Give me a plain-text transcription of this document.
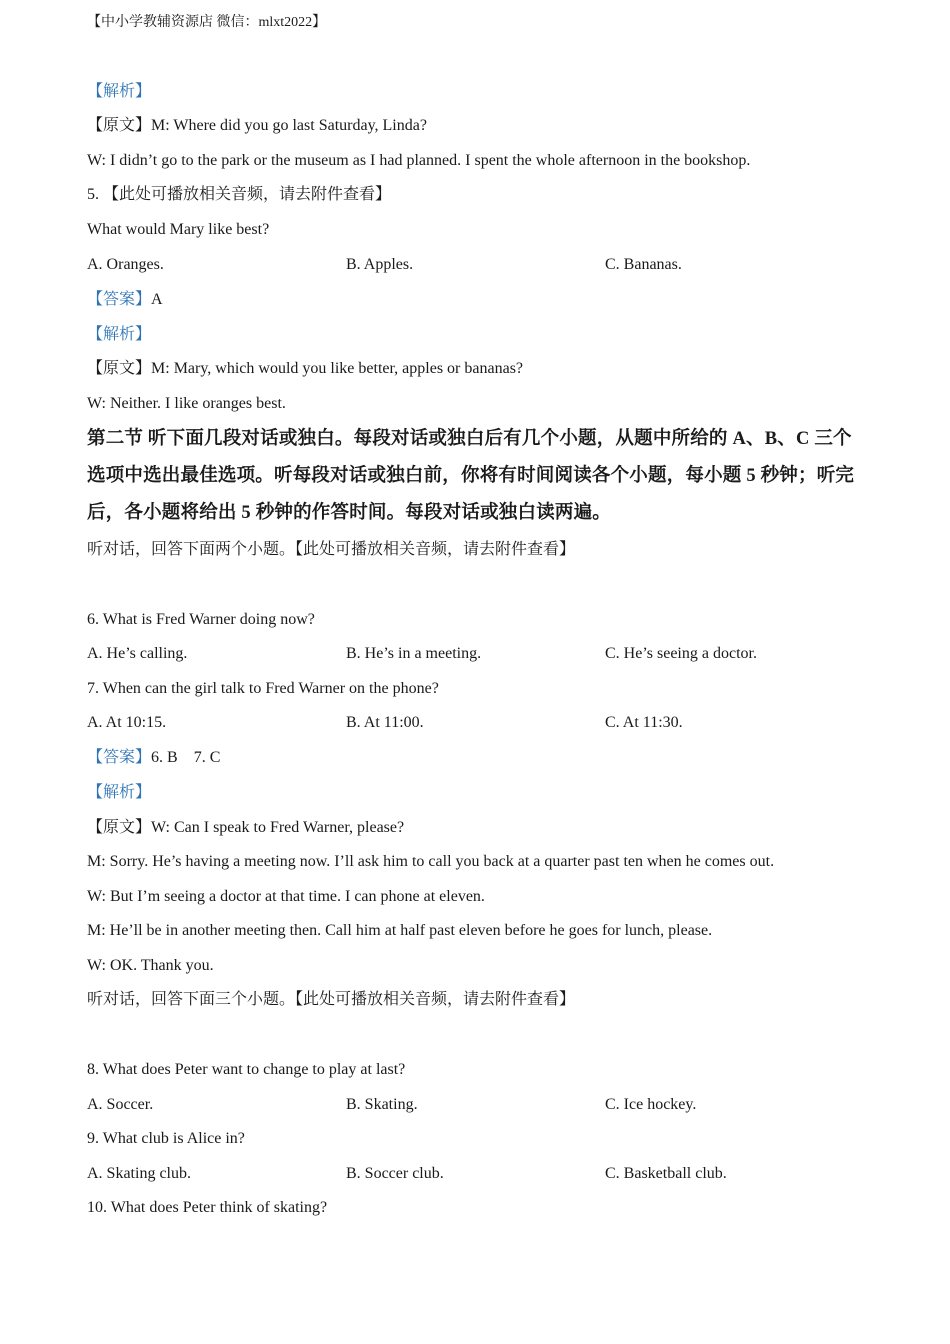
【中小学教辅资源店 微信：mlxt2022】
【解析】
【原文】M: Where did you go last Saturday, Linda?
W: I didn’t go to the park or the museum as I had planned. I spent the whole afternoon in the bookshop.
5. 【此处可播放相关音频，请去附件查看】
What would Mary like best?
A. Oranges.	B. Apples.	C. Bananas.
【答案】A
【解析】
【原文】M: Mary, which would you like better, apples or bananas?
W: Neither. I like oranges best.
第二节 听下面几段对话或独白。每段对话或独白后有几个小题，从题中所给的 A、B、C 三个选项中选出最佳选项。听每段对话或独白前，你将有时间阅读各个小题，每小题 5 秒钟；听完后，各小题将给出 5 秒钟的作答时间。每段对话或独白读两遍。
听对话，回答下面两个小题。【此处可播放相关音频，请去附件查看】
6. What is Fred Warner doing now?
A. He’s calling.	B. He’s in a meeting.	C. He’s seeing a doctor.
7. When can the girl talk to Fred Warner on the phone?
A. At 10:15.	B. At 11:00.	C. At 11:30.
【答案】6. B 7. C
【解析】
【原文】W: Can I speak to Fred Warner, please?
M: Sorry. He’s having a meeting now. I’ll ask him to call you back at a quarter past ten when he comes out.
W: But I’m seeing a doctor at that time. I can phone at eleven.
M: He’ll be in another meeting then. Call him at half past eleven before he goes for lunch, please.
W: OK. Thank you.
听对话，回答下面三个小题。【此处可播放相关音频，请去附件查看】
8. What does Peter want to change to play at last?
A. Soccer.	B. Skating.	C. Ice hockey.
9. What club is Alice in?
A. Skating club.	B. Soccer club.	C. Basketball club.
10. What does Peter think of skating?
